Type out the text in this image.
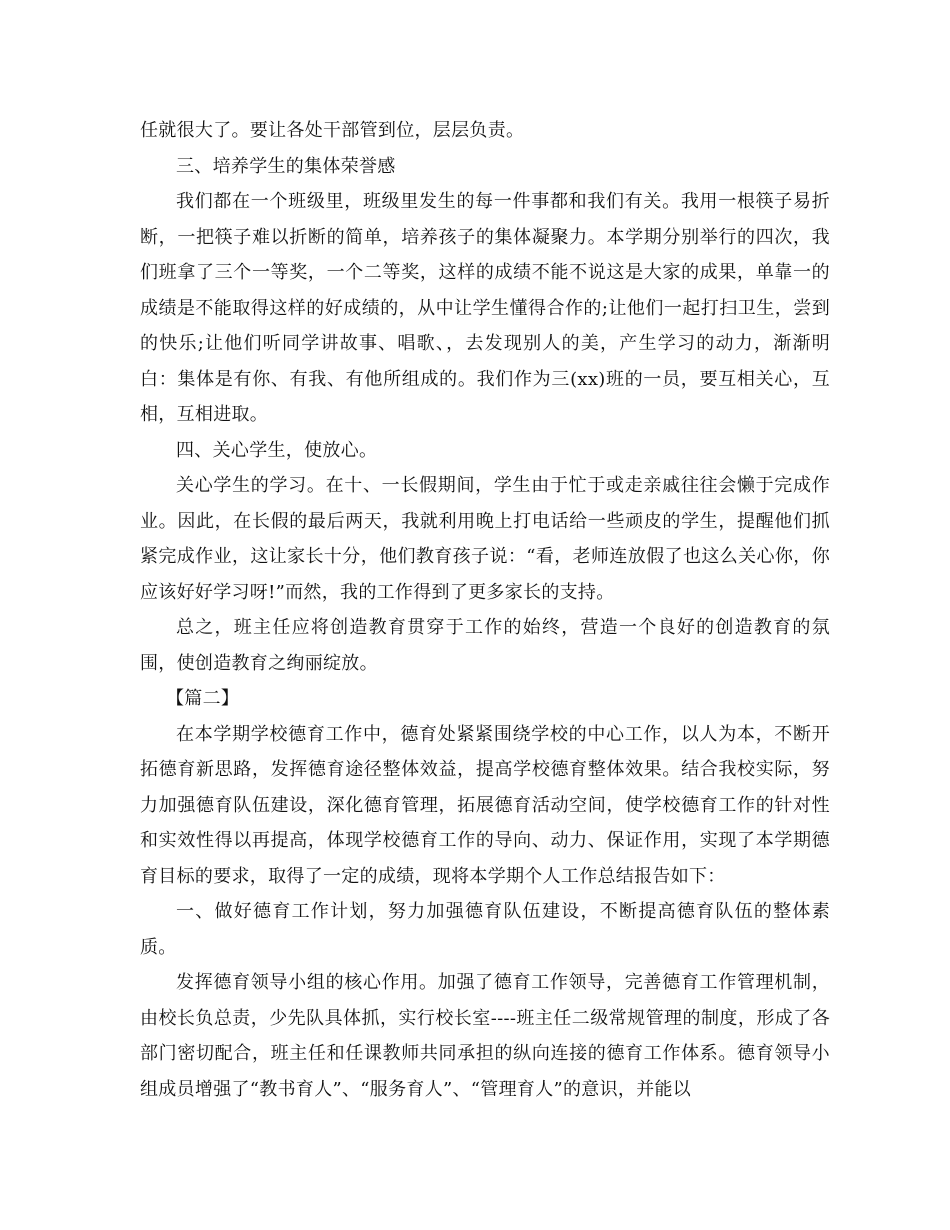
任就很大了。要让各处干部管到位，层层负责。

三、培养学生的集体荣誉感

我们都在一个班级里，班级里发生的每一件事都和我们有关。我用一根筷子易折断，一把筷子难以折断的简单，培养孩子的集体凝聚力。本学期分别举行的四次，我们班拿了三个一等奖，一个二等奖，这样的成绩不能不说这是大家的成果，单靠一的成绩是不能取得这样的好成绩的，从中让学生懂得合作的;让他们一起打扫卫生，尝到的快乐;让他们听同学讲故事、唱歌、，去发现别人的美，产生学习的动力，渐渐明白：集体是有你、有我、有他所组成的。我们作为三(xx)班的一员，要互相关心，互相，互相进取。

四、关心学生，使放心。

关心学生的学习。在十、一长假期间，学生由于忙于或走亲戚往往会懒于完成作业。因此，在长假的最后两天，我就利用晚上打电话给一些顽皮的学生，提醒他们抓紧完成作业，这让家长十分，他们教育孩子说：“看，老师连放假了也这么关心你，你应该好好学习呀!”而然，我的工作得到了更多家长的支持。

总之，班主任应将创造教育贯穿于工作的始终，营造一个良好的创造教育的氛围，使创造教育之绚丽绽放。

【篇二】

在本学期学校德育工作中，德育处紧紧围绕学校的中心工作，以人为本，不断开拓德育新思路，发挥德育途径整体效益，提高学校德育整体效果。结合我校实际，努力加强德育队伍建设，深化德育管理，拓展德育活动空间，使学校德育工作的针对性和实效性得以再提高，体现学校德育工作的导向、动力、保证作用，实现了本学期德育目标的要求，取得了一定的成绩，现将本学期个人工作总结报告如下：

一、做好德育工作计划，努力加强德育队伍建设，不断提高德育队伍的整体素质。

发挥德育领导小组的核心作用。加强了德育工作领导，完善德育工作管理机制，由校长负总责，少先队具体抓，实行校长室----班主任二级常规管理的制度，形成了各部门密切配合，班主任和任课教师共同承担的纵向连接的德育工作体系。德育领导小组成员增强了“教书育人”、“服务育人”、“管理育人”的意识，并能以
